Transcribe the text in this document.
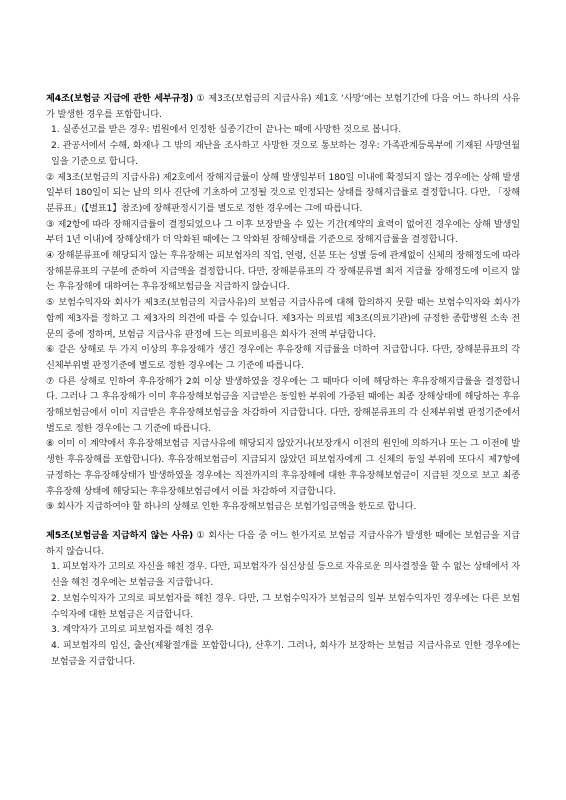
제4조(보험금 지급에 관한 세부규정) ① 제3조(보험금의 지급사유) 제1호 ‘사망’에는 보험기간에 다음 어느 하나의 사유가 발생한 경우를 포함합니다.

1. 실종선고를 받은 경우: 법원에서 인정한 실종기간이 끝나는 때에 사망한 것으로 봅니다.

2. 관공서에서 수해, 화재나 그 밖의 재난을 조사하고 사망한 것으로 통보하는 경우: 가족관계등록부에 기재된 사망연월일을 기준으로 합니다.

② 제3조(보험금의 지급사유) 제2호에서 장해지급률이 상해 발생일부터 180일 이내에 확정되지 않는 경우에는 상해 발생일부터 180일이 되는 날의 의사 진단에 기초하여 고정될 것으로 인정되는 상태를 장해지급률로 결정합니다. 다만, 「장해분류표」(【별표1】참조)에 장해판정시기를 별도로 정한 경우에는 그에 따릅니다.

③ 제2항에 따라 장해지급률이 결정되었으나 그 이후 보장받을 수 있는 기간(계약의 효력이 없어진 경우에는 상해 발생일부터 1년 이내)에 장해상태가 더 악화된 때에는 그 악화된 장해상태를 기준으로 장해지급률을 결정합니다.

④ 장해분류표에 해당되지 않는 후유장해는 피보험자의 직업, 연령, 신분 또는 성별 등에 관계없이 신체의 장해정도에 따라 장해분류표의 구분에 준하여 지급액을 결정합니다. 다만, 장해분류표의 각 장해분류별 최저 지급률 장해정도에 이르지 않는 후유장해에 대하여는 후유장해보험금을 지급하지 않습니다.

⑤ 보험수익자와 회사가 제3조(보험금의 지급사유)의 보험금 지급사유에 대해 합의하지 못할 때는 보험수익자와 회사가 함께 제3자를 정하고 그 제3자의 의견에 따를 수 있습니다. 제3자는 의료법 제3조(의료기관)에 규정한 종합병원 소속 전문의 중에 정하며, 보험금 지급사유 판정에 드는 의료비용은 회사가 전액 부담합니다.

⑥ 같은 상해로 두 가지 이상의 후유장해가 생긴 경우에는 후유장해 지급률을 더하여 지급합니다. 다만, 장해분류표의 각 신체부위별 판정기준에 별도로 정한 경우에는 그 기준에 따릅니다.

⑦ 다른 상해로 인하여 후유장해가 2회 이상 발생하였을 경우에는 그 때마다 이에 해당하는 후유장해지급률을 결정합니다. 그러나 그 후유장해가 이미 후유장해보험금을 지급받은 동일한 부위에 가중된 때에는 최종 장해상태에 해당하는 후유장해보험금에서 이미 지급받은 후유장해보험금을 차감하여 지급합니다. 다만, 장해분류표의 각 신체부위별 판정기준에서 별도로 정한 경우에는 그 기준에 따릅니다.

⑧ 이미 이 계약에서 후유장해보험금 지급사유에 해당되지 않았거나(보장개시 이전의 원인에 의하거나 또는 그 이전에 발생한 후유장해를 포함합니다). 후유장해보험금이 지급되지 않았던 피보험자에게 그 신체의 동일 부위에 또다시 제7항에 규정하는 후유장해상태가 발생하였을 경우에는 직전까지의 후유장해에 대한 후유장해보험금이 지급된 것으로 보고 최종 후유장해 상태에 해당되는 후유장해보험금에서 이를 차감하여 지급합니다.

⑨ 회사가 지급하여야 할 하나의 상해로 인한 후유장해보험금은 보험가입금액을 한도로 합니다.

제5조(보험금을 지급하지 않는 사유) ① 회사는 다음 중 어느 한가지로 보험금 지급사유가 발생한 때에는 보험금을 지급하지 않습니다.

1. 피보험자가 고의로 자신을 해친 경우. 다만, 피보험자가 심신상실 등으로 자유로운 의사결정을 할 수 없는 상태에서 자신을 해친 경우에는 보험금을 지급합니다.

2. 보험수익자가 고의로 피보험자를 해친 경우. 다만, 그 보험수익자가 보험금의 일부 보험수익자인 경우에는 다른 보험수익자에 대한 보험금은 지급합니다.

3. 계약자가 고의로 피보험자를 해친 경우

4. 피보험자의 임신, 출산(제왕절개를 포함합니다), 산후기. 그러나, 회사가 보장하는 보험금 지급사유로 인한 경우에는 보험금을 지급합니다.
